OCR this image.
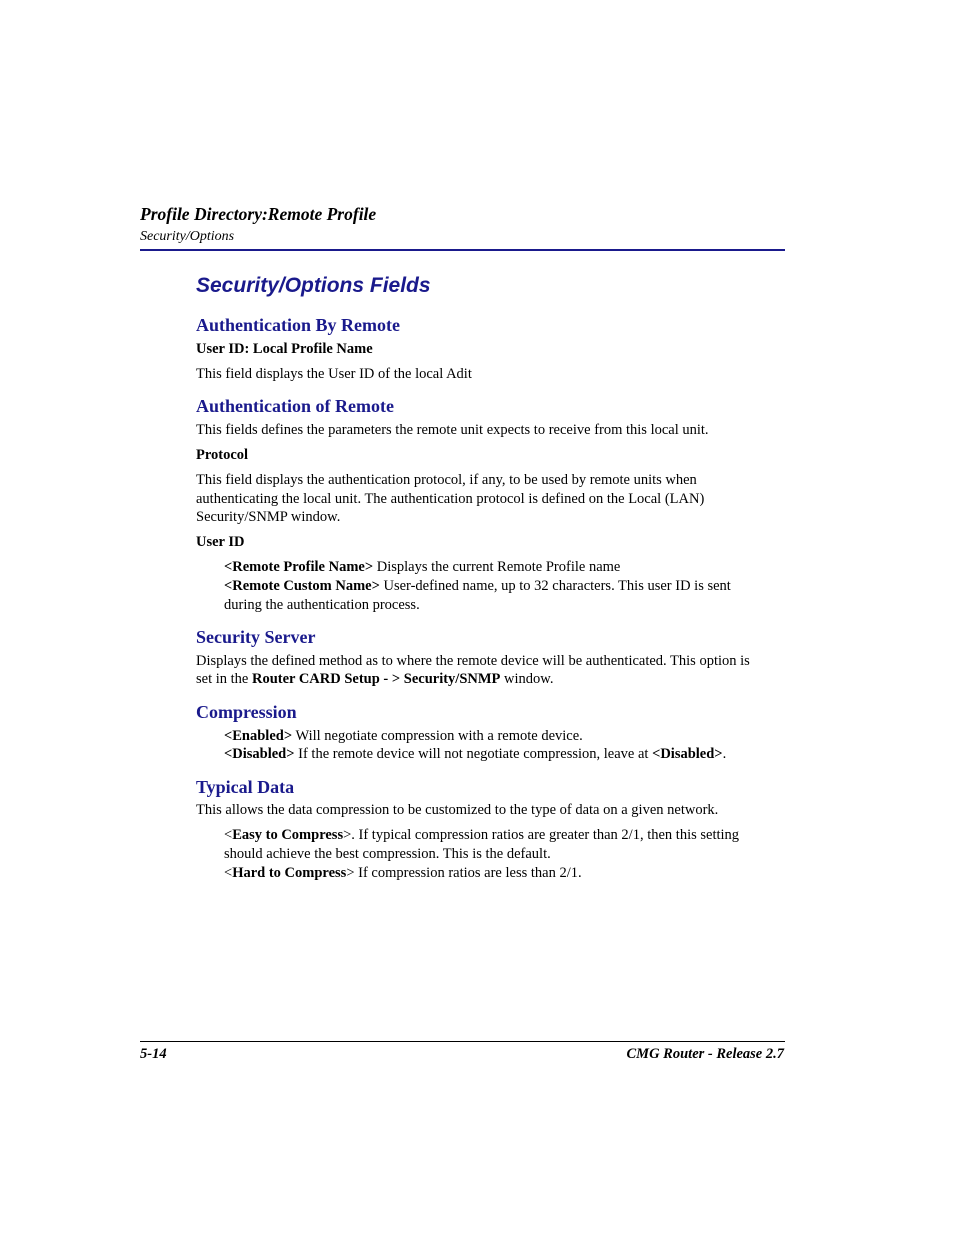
Profile Directory:Remote Profile
Security/Options
Security/Options Fields
Authentication By Remote
User ID: Local Profile Name
This field displays the User ID of the local Adit
Authentication of Remote
This fields defines the parameters the remote unit expects to receive from this local unit.
Protocol
This field displays the authentication protocol, if any, to be used by remote units when
authenticating the local unit. The authentication protocol is defined on the Local (LAN)
Security/SNMP window.
User ID
<Remote Profile Name> Displays the current Remote Profile name
<Remote Custom Name> User-defined name, up to 32 characters. This user ID is sent
during the authentication process.
Security Server
Displays the defined method as to where the remote device will be authenticated. This option is
set in the Router CARD Setup - > Security/SNMP window.
Compression
<Enabled> Will negotiate compression with a remote device.
<Disabled> If the remote device will not negotiate compression, leave at <Disabled>.
Typical Data
This allows the data compression to be customized to the type of data on a given network.
<Easy to Compress>. If typical compression ratios are greater than 2/1, then this setting
should achieve the best compression. This is the default.
<Hard to Compress> If compression ratios are less than 2/1.
5-14	CMG Router - Release 2.7
